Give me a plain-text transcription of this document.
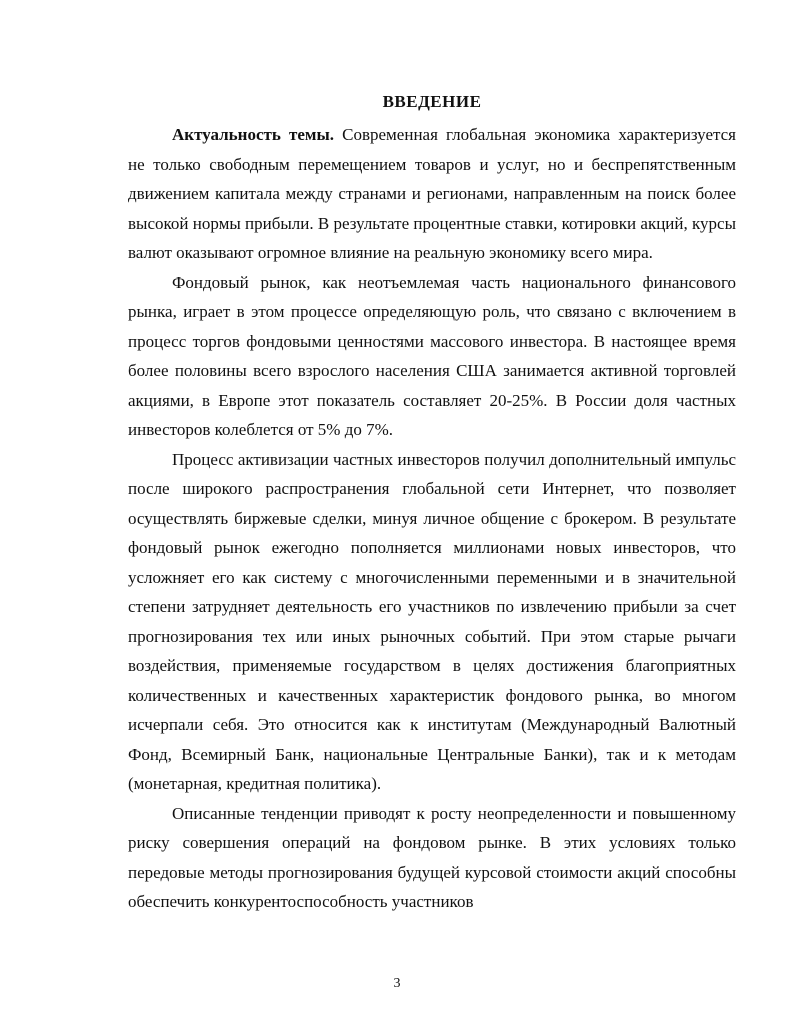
ВВЕДЕНИЕ

Актуальность темы. Современная глобальная экономика характеризуется не только свободным перемещением товаров и услуг, но и беспрепятственным движением капитала между странами и регионами, направленным на поиск более высокой нормы прибыли. В результате процентные ставки, котировки акций, курсы валют оказывают огромное влияние на реальную экономику всего мира.

Фондовый рынок, как неотъемлемая часть национального финансового рынка, играет в этом процессе определяющую роль, что связано с включением в процесс торгов фондовыми ценностями массового инвестора. В настоящее время более половины всего взрослого населения США занимается активной торговлей акциями, в Европе этот показатель составляет 20-25%. В России доля частных инвесторов колеблется от 5% до 7%.

Процесс активизации частных инвесторов получил дополнительный импульс после широкого распространения глобальной сети Интернет, что позволяет осуществлять биржевые сделки, минуя личное общение с брокером. В результате фондовый рынок ежегодно пополняется миллионами новых инвесторов, что усложняет его как систему с многочисленными переменными и в значительной степени затрудняет деятельность его участников по извлечению прибыли за счет прогнозирования тех или иных рыночных событий. При этом старые рычаги воздействия, применяемые государством в целях достижения благоприятных количественных и качественных характеристик фондового рынка, во многом исчерпали себя. Это относится как к институтам (Международный Валютный Фонд, Всемирный Банк, национальные Центральные Банки), так и к методам (монетарная, кредитная политика).

Описанные тенденции приводят к росту неопределенности и повышенному риску совершения операций на фондовом рынке. В этих условиях только передовые методы прогнозирования будущей курсовой стоимости акций способны обеспечить конкурентоспособность участников

3
